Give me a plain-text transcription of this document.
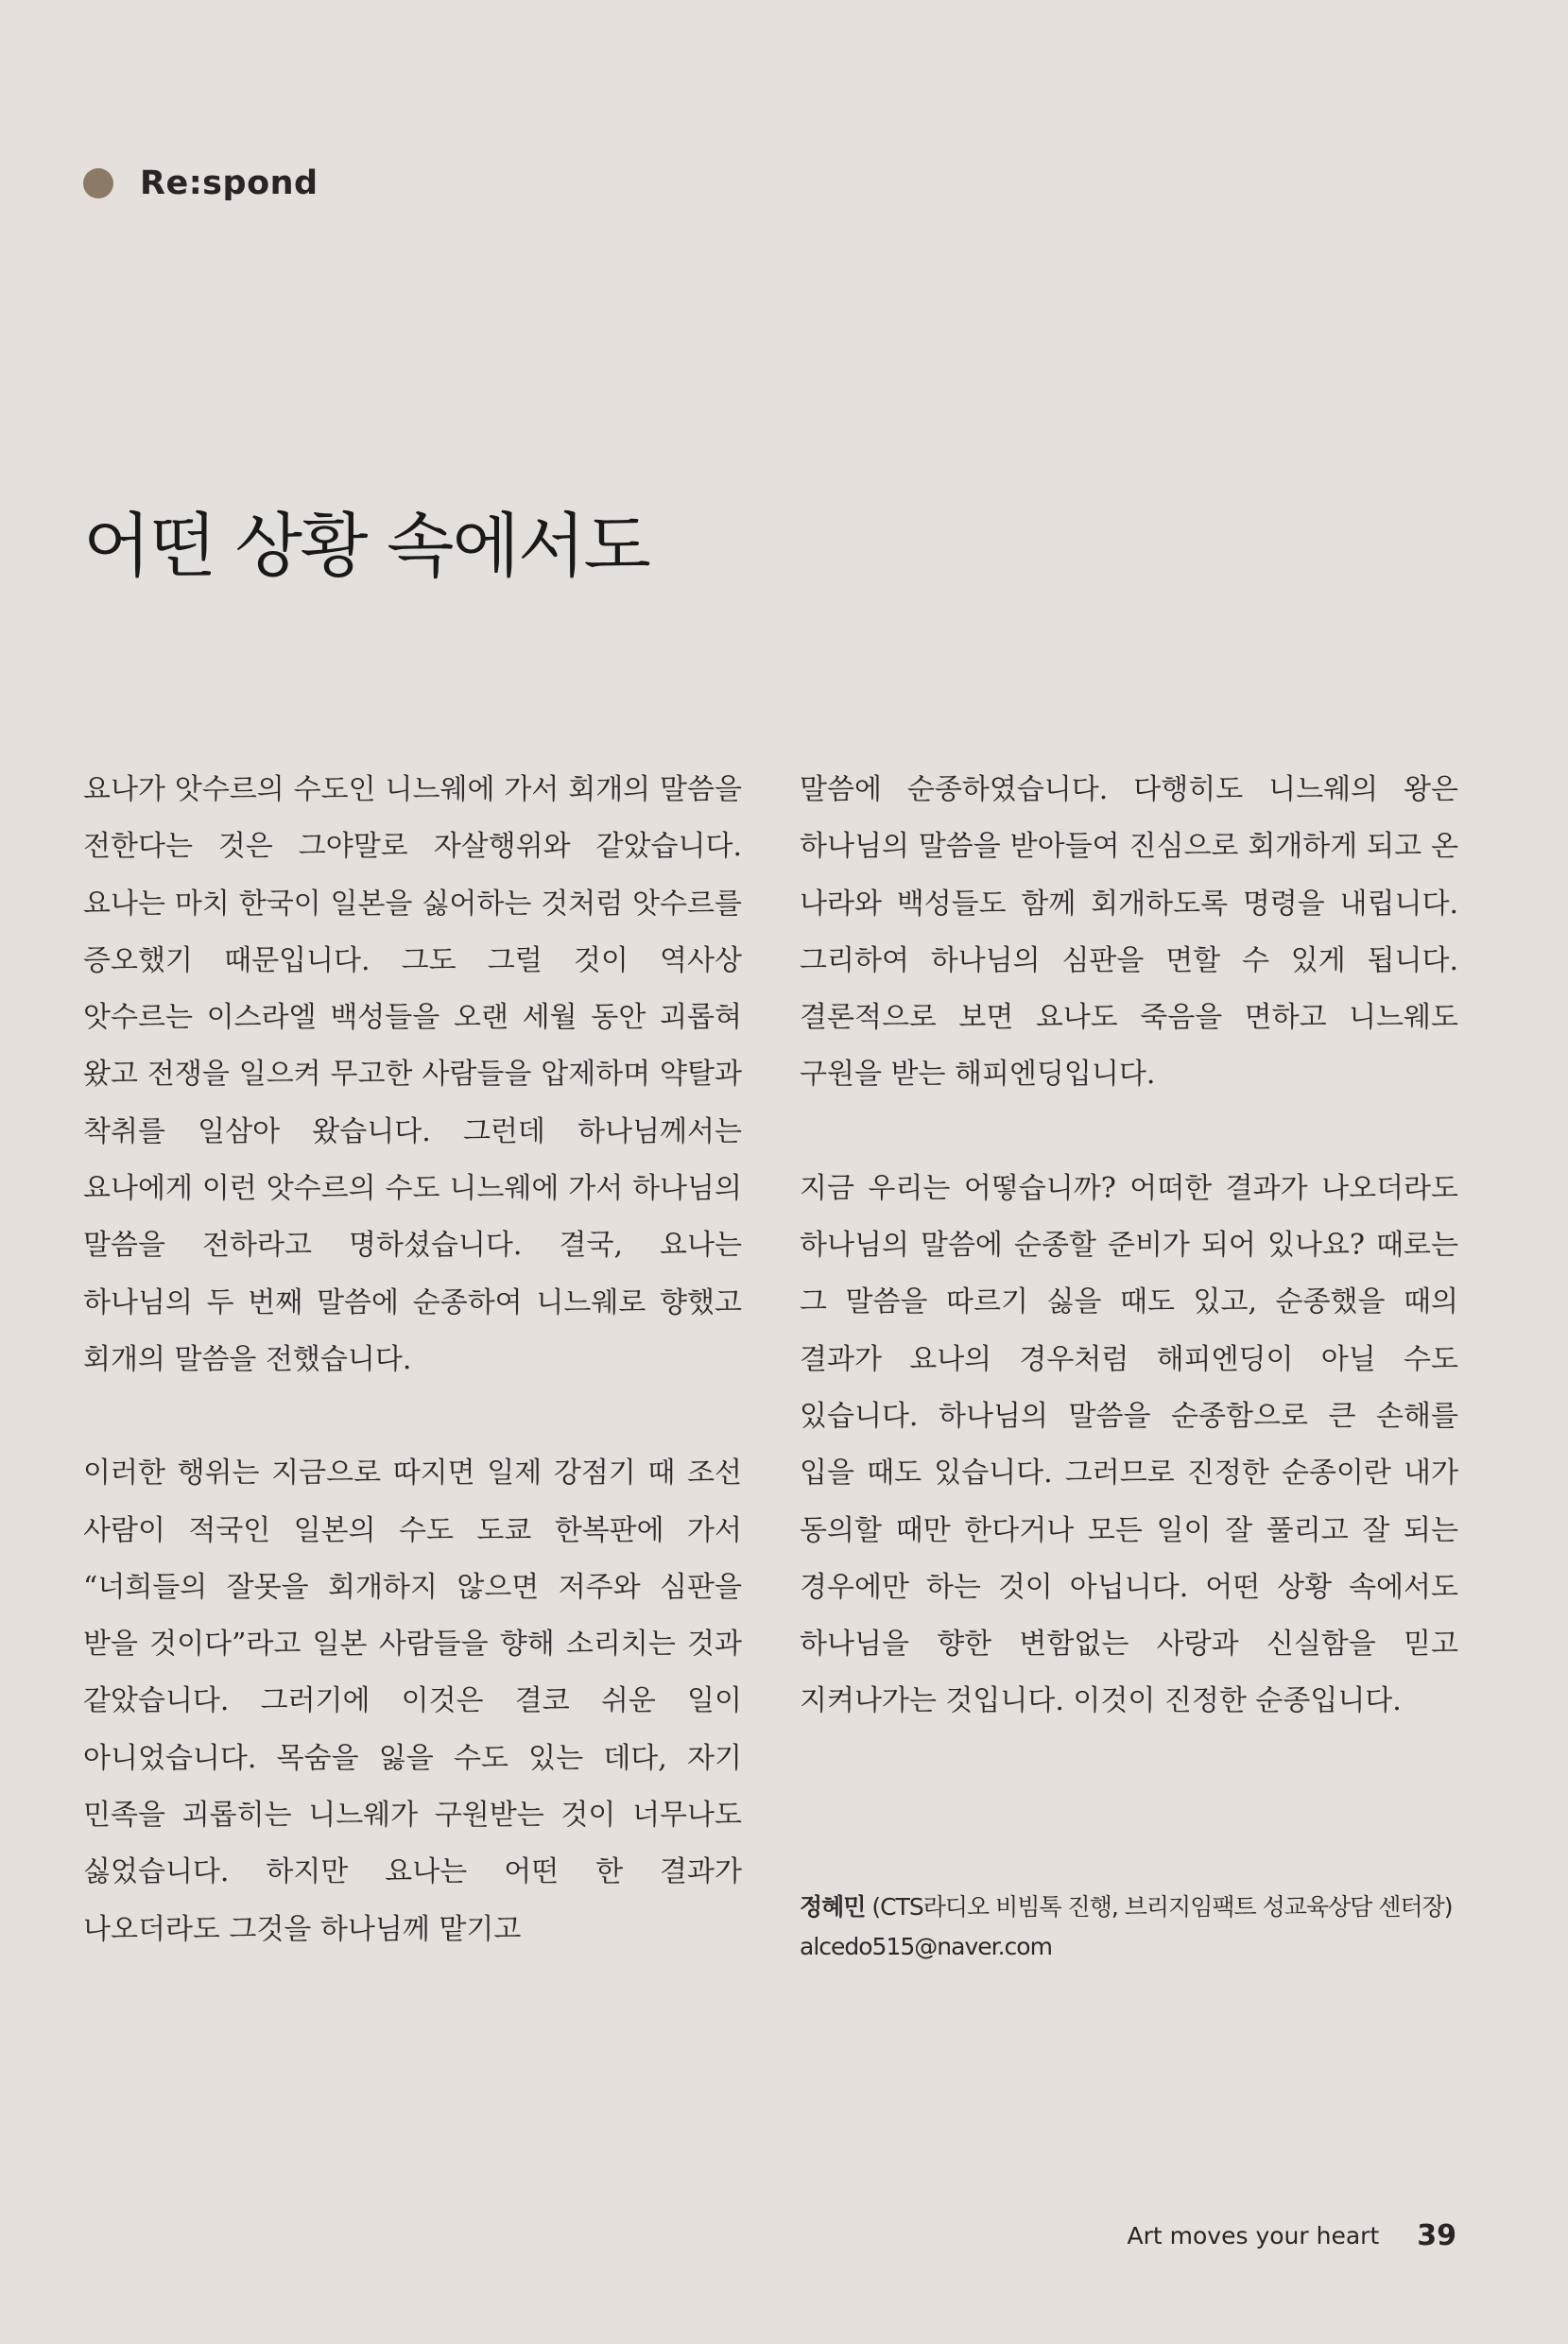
Re:spond
어떤 상황 속에서도

요나가 앗수르의 수도인 니느웨에 가서 회개의 말씀을 전한다는 것은 그야말로 자살행위와 같았습니다. 요나는 마치 한국이 일본을 싫어하는 것처럼 앗수르를 증오했기 때문입니다. 그도 그럴 것이 역사상 앗수르는 이스라엘 백성들을 오랜 세월 동안 괴롭혀 왔고 전쟁을 일으켜 무고한 사람들을 압제하며 약탈과 착취를 일삼아 왔습니다. 그런데 하나님께서는 요나에게 이런 앗수르의 수도 니느웨에 가서 하나님의 말씀을 전하라고 명하셨습니다. 결국, 요나는 하나님의 두 번째 말씀에 순종하여 니느웨로 향했고 회개의 말씀을 전했습니다.

이러한 행위는 지금으로 따지면 일제 강점기 때 조선 사람이 적국인 일본의 수도 도쿄 한복판에 가서 “너희들의 잘못을 회개하지 않으면 저주와 심판을 받을 것이다”라고 일본 사람들을 향해 소리치는 것과 같았습니다. 그러기에 이것은 결코 쉬운 일이 아니었습니다. 목숨을 잃을 수도 있는 데다, 자기 민족을 괴롭히는 니느웨가 구원받는 것이 너무나도 싫었습니다. 하지만 요나는 어떤 한 결과가 나오더라도 그것을 하나님께 맡기고

말씀에 순종하였습니다. 다행히도 니느웨의 왕은 하나님의 말씀을 받아들여 진심으로 회개하게 되고 온 나라와 백성들도 함께 회개하도록 명령을 내립니다. 그리하여 하나님의 심판을 면할 수 있게 됩니다. 결론적으로 보면 요나도 죽음을 면하고 니느웨도 구원을 받는 해피엔딩입니다.

지금 우리는 어떻습니까? 어떠한 결과가 나오더라도 하나님의 말씀에 순종할 준비가 되어 있나요? 때로는 그 말씀을 따르기 싫을 때도 있고, 순종했을 때의 결과가 요나의 경우처럼 해피엔딩이 아닐 수도 있습니다. 하나님의 말씀을 순종함으로 큰 손해를 입을 때도 있습니다. 그러므로 진정한 순종이란 내가 동의할 때만 한다거나 모든 일이 잘 풀리고 잘 되는 경우에만 하는 것이 아닙니다. 어떤 상황 속에서도 하나님을 향한 변함없는 사랑과 신실함을 믿고 지켜나가는 것입니다. 이것이 진정한 순종입니다.

정혜민 (CTS라디오 비빔톡 진행, 브리지임팩트 성교육상담 센터장)
alcedo515@naver.com
Art moves your heart 39
